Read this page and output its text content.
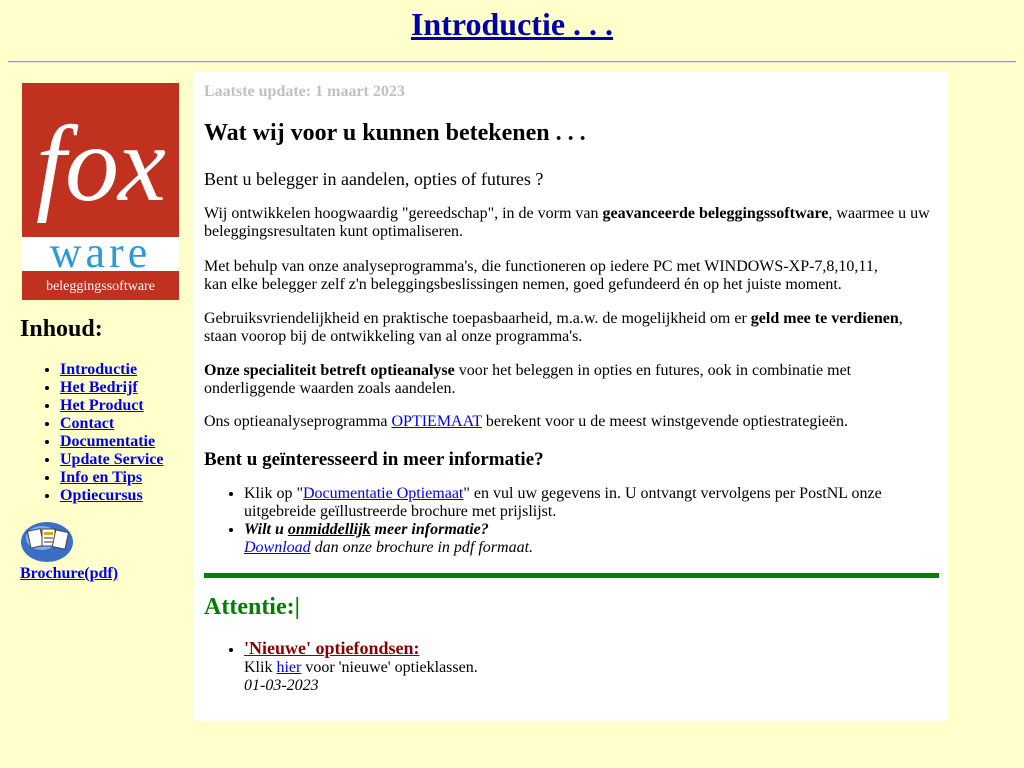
Introductie . . .
fox
ware
beleggingssoftware
Inhoud:
• Introductie
• Het Bedrijf
• Het Product
• Contact
• Documentatie
• Update Service
• Info en Tips
• Optiecursus
Brochure(pdf)
Laatste update: 1 maart 2023
Wat wij voor u kunnen betekenen . . .

Bent u belegger in aandelen, opties of futures ?

Wij ontwikkelen hoogwaardig "gereedschap", in de vorm van geavanceerde beleggingssoftware, waarmee u uw beleggingsresultaten kunt optimaliseren.

Met behulp van onze analyseprogramma's, die functioneren op iedere PC met WINDOWS-XP-7,8,10,11,
kan elke belegger zelf z'n beleggingsbeslissingen nemen, goed gefundeerd én op het juiste moment.

Gebruiksvriendelijkheid en praktische toepasbaarheid, m.a.w. de mogelijkheid om er geld mee te verdienen, staan voorop bij de ontwikkeling van al onze programma's.

Onze specialiteit betreft optieanalyse voor het beleggen in opties en futures, ook in combinatie met onderliggende waarden zoals aandelen.

Ons optieanalyseprogramma OPTIEMAAT berekent voor u de meest winstgevende optiestrategieën.

Bent u geïnteresseerd in meer informatie?
• Klik op "Documentatie Optiemaat" en vul uw gegevens in. U ontvangt vervolgens per PostNL onze uitgebreide geïllustreerde brochure met prijslijst.
• Wilt u onmiddellijk meer informatie?
Download dan onze brochure in pdf formaat.
Attentie:|
• 'Nieuwe' optiefondsen:
Klik hier voor 'nieuwe' optieklassen.
01-03-2023
